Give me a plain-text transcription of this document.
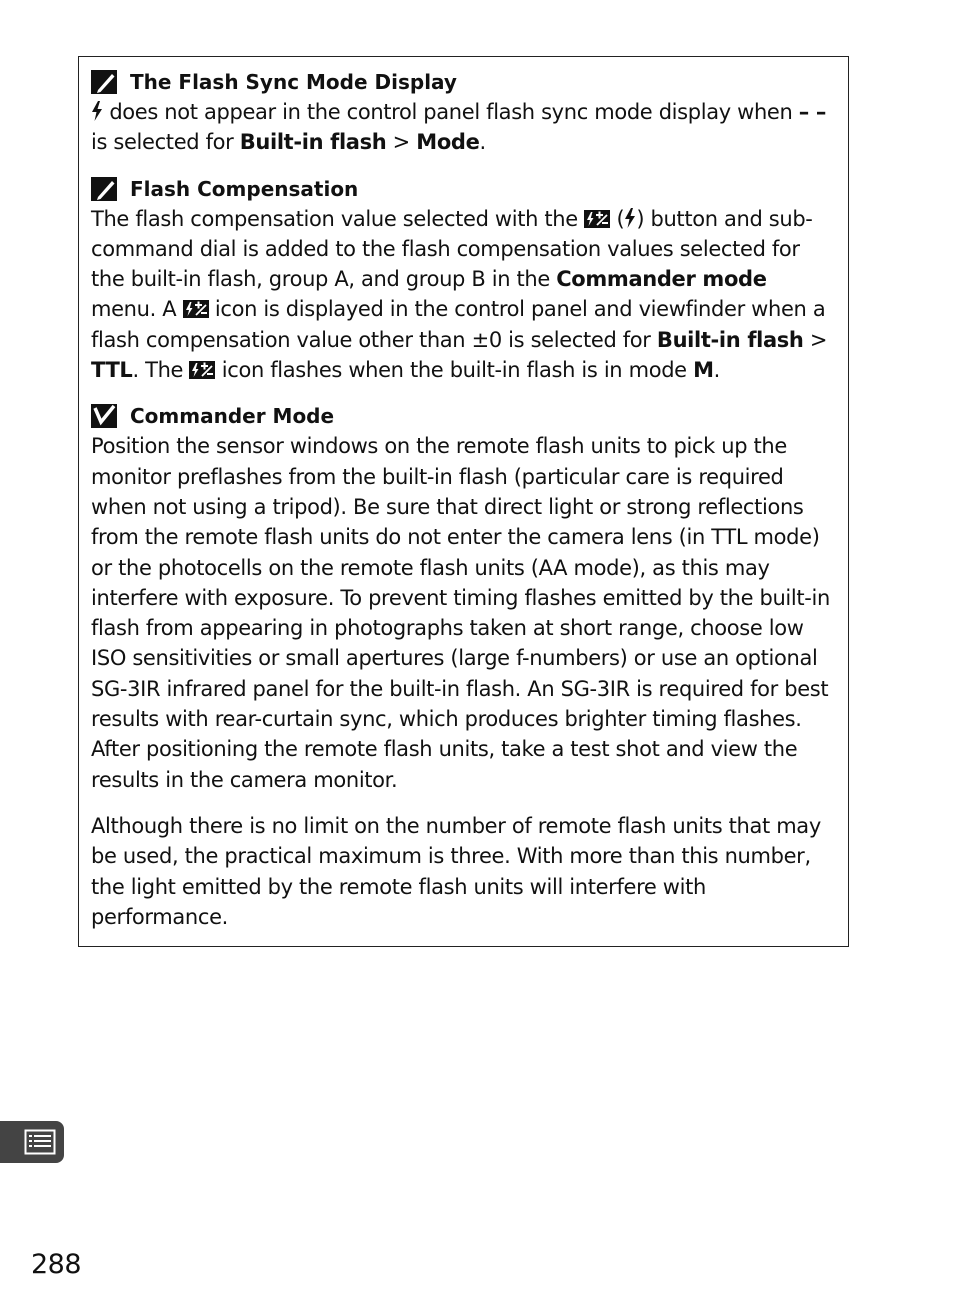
The Flash Sync Mode Display

does not appear in the control panel flash sync mode display when – –
is selected for Built-in flash > Mode.

Flash Compensation

The flash compensation value selected with the  ( ) button and sub-command dial is added to the flash compensation values selected for the built-in flash, group A, and group B in the Commander mode menu. A  icon is displayed in the control panel and viewfinder when a flash compensation value other than ±0 is selected for Built-in flash > TTL. The  icon flashes when the built-in flash is in mode M.

Commander Mode

Position the sensor windows on the remote flash units to pick up the monitor preflashes from the built-in flash (particular care is required when not using a tripod). Be sure that direct light or strong reflections from the remote flash units do not enter the camera lens (in TTL mode) or the photocells on the remote flash units (AA mode), as this may interfere with exposure. To prevent timing flashes emitted by the built-in flash from appearing in photographs taken at short range, choose low ISO sensitivities or small apertures (large f-numbers) or use an optional SG-3IR infrared panel for the built-in flash. An SG-3IR is required for best results with rear-curtain sync, which produces brighter timing flashes. After positioning the remote flash units, take a test shot and view the results in the camera monitor.

Although there is no limit on the number of remote flash units that may be used, the practical maximum is three. With more than this number, the light emitted by the remote flash units will interfere with performance.

288
